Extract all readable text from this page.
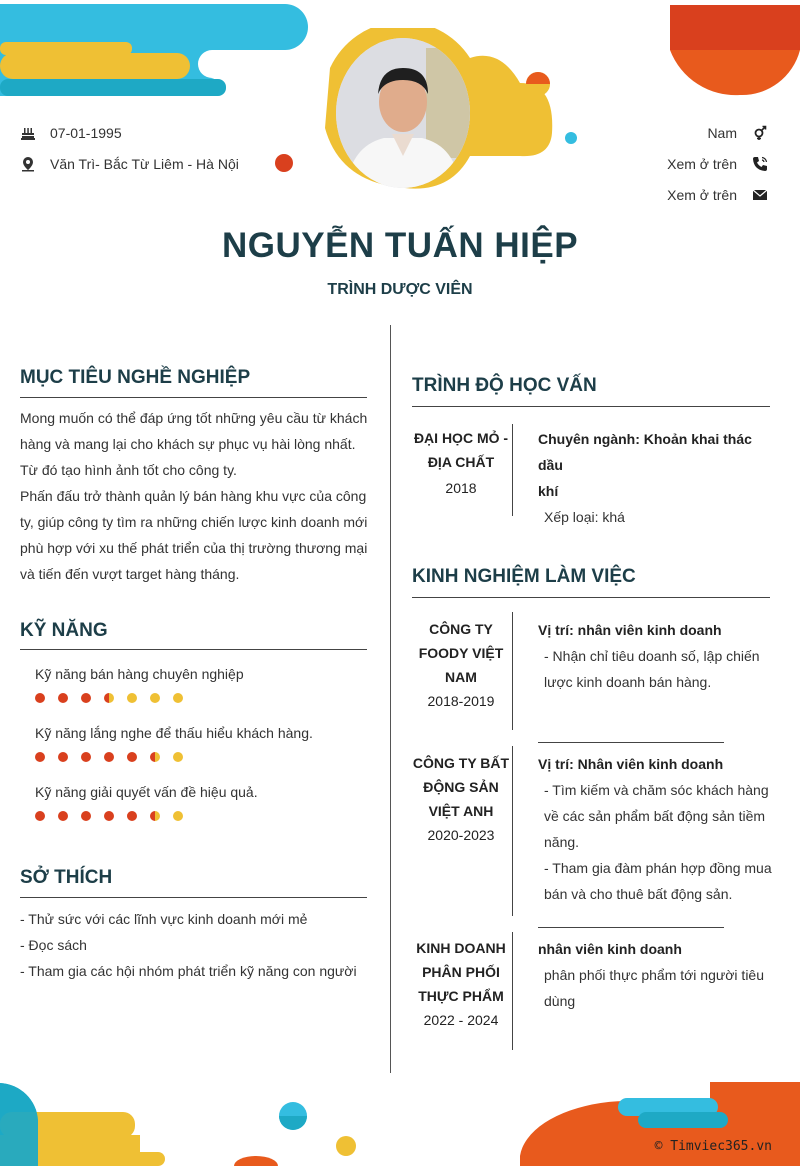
07-01-1995
Văn Trì- Bắc Từ Liêm - Hà Nội
Nam
Xem ở trên
Xem ở trên
NGUYỄN TUẤN HIỆP
TRÌNH DƯỢC VIÊN
MỤC TIÊU NGHỀ NGHIỆP
Mong muốn có thể đáp ứng tốt những yêu cầu từ khách
hàng và mang lại cho khách sự phục vụ hài lòng nhất.
Từ đó tạo hình ảnh tốt cho công ty.
Phấn đấu trở thành quản lý bán hàng khu vực của công
ty, giúp công ty tìm ra những chiến lược kinh doanh mới
phù hợp với xu thế phát triển của thị trường thương mại
và tiến đến vượt target hàng tháng.
KỸ NĂNG
Kỹ năng bán hàng chuyên nghiệp
Kỹ năng lắng nghe để thấu hiểu khách hàng.
Kỹ năng giải quyết vấn đề hiệu quả.
SỞ THÍCH
- Thử sức với các lĩnh vực kinh doanh mới mẻ
- Đọc sách
- Tham gia các hội nhóm phát triển kỹ năng con người
TRÌNH ĐỘ HỌC VẤN
ĐẠI HỌC MỎ -
ĐỊA CHẤT
2018
Chuyên ngành: Khoản khai thác dầu
khí
Xếp loại: khá
KINH NGHIỆM LÀM VIỆC
CÔNG TY
FOODY VIỆT
NAM
2018-2019
Vị trí: nhân viên kinh doanh
- Nhận chỉ tiêu doanh số, lập chiến
lược kinh doanh bán hàng.
CÔNG TY BẤT
ĐỘNG SẢN
VIỆT ANH
2020-2023
Vị trí: Nhân viên kinh doanh
- Tìm kiếm và chăm sóc khách hàng
về các sản phẩm bất động sản tiềm
năng.
- Tham gia đàm phán hợp đồng mua
bán và cho thuê bất động sản.
KINH DOANH
PHÂN PHỐI
THỰC PHẨM
2022 - 2024
nhân viên kinh doanh
phân phối thực phẩm tới người tiêu
dùng
© Timviec365.vn
